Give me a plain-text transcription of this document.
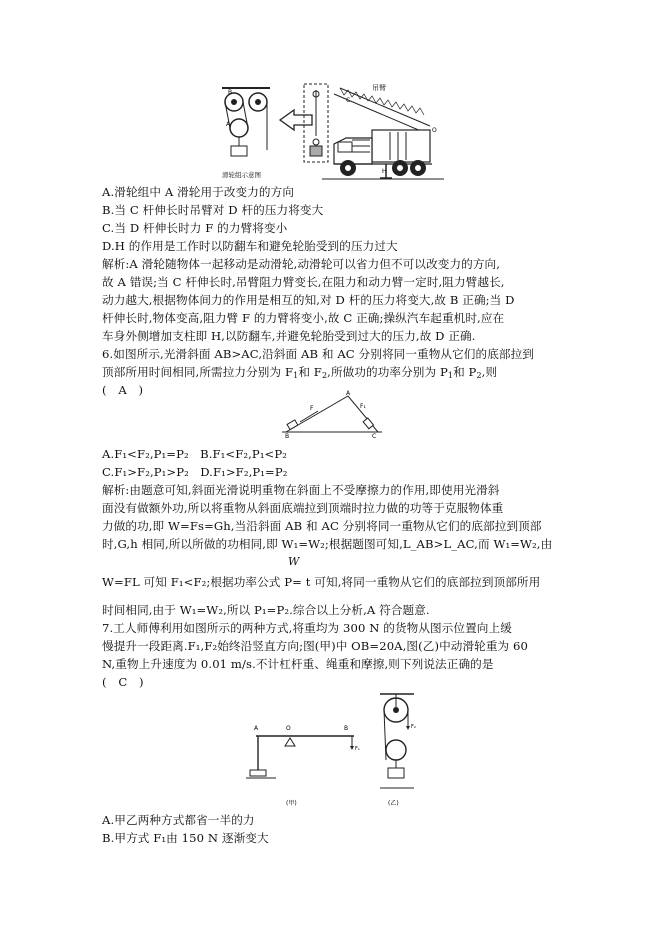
B
A
滑轮组示意图
吊臂
C
O
H
A.滑轮组中 A 滑轮用于改变力的方向
B.当 C 杆伸长时吊臂对 D 杆的压力将变大
C.当 D 杆伸长时力 F 的力臂将变小
D.H 的作用是工作时以防翻车和避免轮胎受到的压力过大
解析:A 滑轮随物体一起移动是动滑轮,动滑轮可以省力但不可以改变力的方向,
故 A 错误;当 C 杆伸长时,吊臂阻力臂变长,在阻力和动力臂一定时,阻力臂越长,
动力越大,根据物体间力的作用是相互的知,对 D 杆的压力将变大,故 B 正确;当 D
杆伸长时,物体变高,阻力臂 F 的力臂将变小,故 C 正确;操纵汽车起重机时,应在
车身外侧增加支柱即 H,以防翻车,并避免轮胎受到过大的压力,故 D 正确.
6.如图所示,光滑斜面 AB>AC,沿斜面 AB 和 AC 分别将同一重物从它们的底部拉到
顶部所用时间相同,所需拉力分别为 $F_1$和 $F_2$,所做功的功率分别为 $P_1$和 $P_2$,则
(　A　)
F
A
B	C
F₁
A.F₁<F₂,P₁=P₂ B.F₁<F₂,P₁<P₂
C.F₁>F₂,P₁>P₂ D.F₁>F₂,P₁=P₂
解析:由题意可知,斜面光滑说明重物在斜面上不受摩擦力的作用,即使用光滑斜
面没有做额外功,所以将重物从斜面底端拉到顶端时拉力做的功等于克服物体重
力做的功,即 W=Fs=Gh,当沿斜面 AB 和 AC 分别将同一重物从它们的底部拉到顶部
时,G,h 相同,所以所做的功相同,即 W₁=W₂;根据题图可知,L_AB>L_AC,而 W₁=W₂,由
W
W=FL 可知 F₁<F₂;根据功率公式 P= t 可知,将同一重物从它们的底部拉到顶部所用
时间相同,由于 W₁=W₂,所以 P₁=P₂.综合以上分析,A 符合题意.
7.工人师傅利用如图所示的两种方式,将重均为 300 N 的货物从图示位置向上缓
慢提升一段距离.F₁,F₂始终沿竖直方向;图(甲)中 OB=20A,图(乙)中动滑轮重为 60
N,重物上升速度为 0.01 m/s.不计杠杆重、绳重和摩擦,则下列说法正确的是
(　C　)
A	O	B
F₁
(甲)
F₂
(乙)
A.甲乙两种方式都省一半的力
B.甲方式 F₁由 150 N 逐渐变大
